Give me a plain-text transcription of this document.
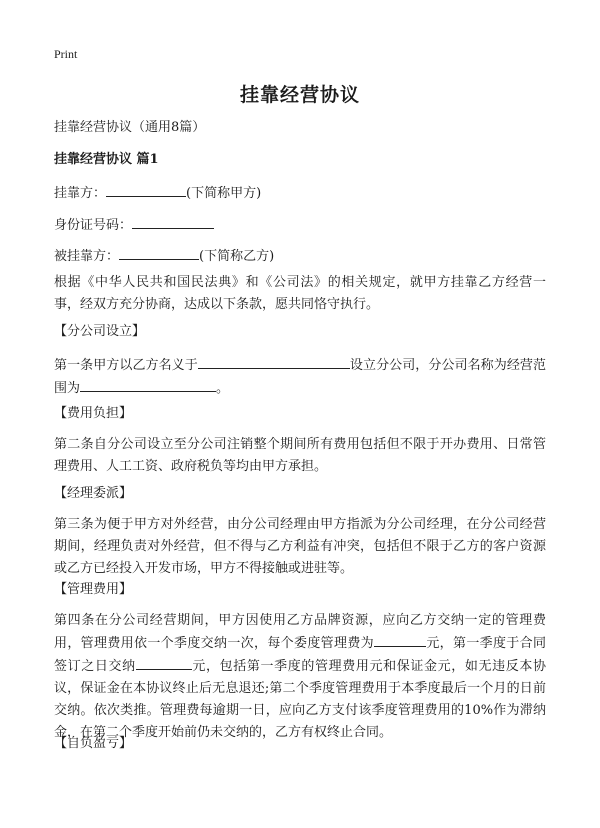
Print
挂靠经营协议
挂靠经营协议（通用8篇）
挂靠经营协议 篇1
挂靠方：	(下简称甲方)
身份证号码：
被挂靠方：	(下简称乙方)
根据《中华人民共和国民法典》和《公司法》的相关规定，就甲方挂靠乙方经营一事，经双方充分协商，达成以下条款，愿共同恪守执行。
【分公司设立】
第一条甲方以乙方名义于	设立分公司，分公司名称为经营范围为	。
【费用负担】
第二条自分公司设立至分公司注销整个期间所有费用包括但不限于开办费用、日常管理费用、人工工资、政府税负等均由甲方承担。
【经理委派】
第三条为便于甲方对外经营，由分公司经理由甲方指派为分公司经理，在分公司经营期间，经理负责对外经营，但不得与乙方利益有冲突，包括但不限于乙方的客户资源或乙方已经投入开发市场，甲方不得接触或进驻等。
【管理费用】
第四条在分公司经营期间，甲方因使用乙方品牌资源，应向乙方交纳一定的管理费用，管理费用依一个季度交纳一次，每个委度管理费为	元，第一季度于合同签订之日交纳	元，包括第一季度的管理费用元和保证金元，如无违反本协议，保证金在本协议终止后无息退还;第二个季度管理费用于本季度最后一个月的日前交纳。依次类推。管理费每逾期一日，应向乙方支付该季度管理费用的10%作为滞纳金，在第二个季度开始前仍未交纳的，乙方有权终止合同。
【自负盈亏】
